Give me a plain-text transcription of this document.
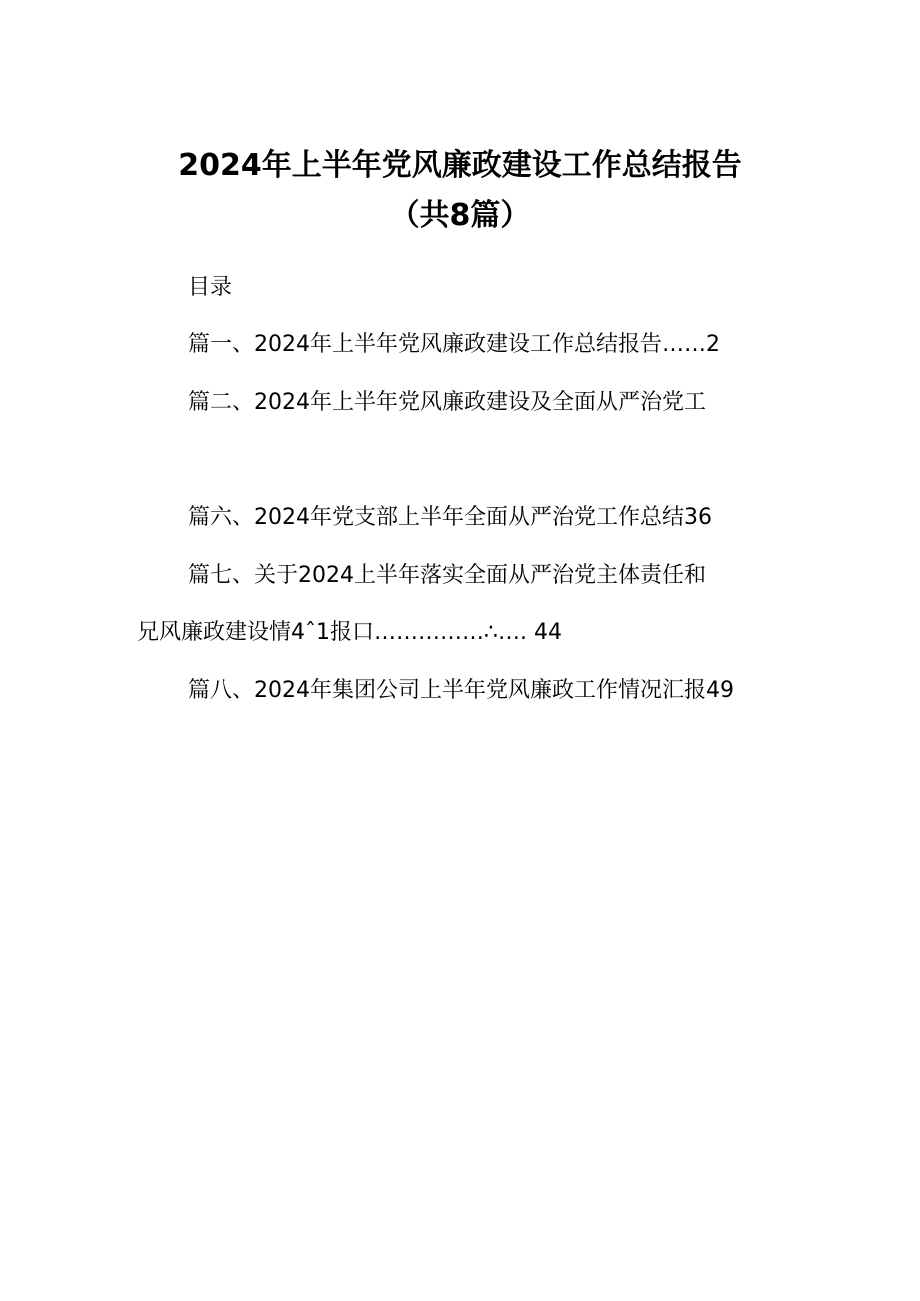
2024年上半年党风廉政建设工作总结报告
（共8篇）
目录
篇一、2024年上半年党风廉政建设工作总结报告……2
篇二、2024年上半年党风廉政建设及全面从严治党工
篇六、2024年党支部上半年全面从严治党工作总结36
篇七、关于2024上半年落实全面从严治党主体责任和
兄风廉政建设情4ˆ1报口……………∴…. 44
篇八、2024年集团公司上半年党风廉政工作情况汇报49
